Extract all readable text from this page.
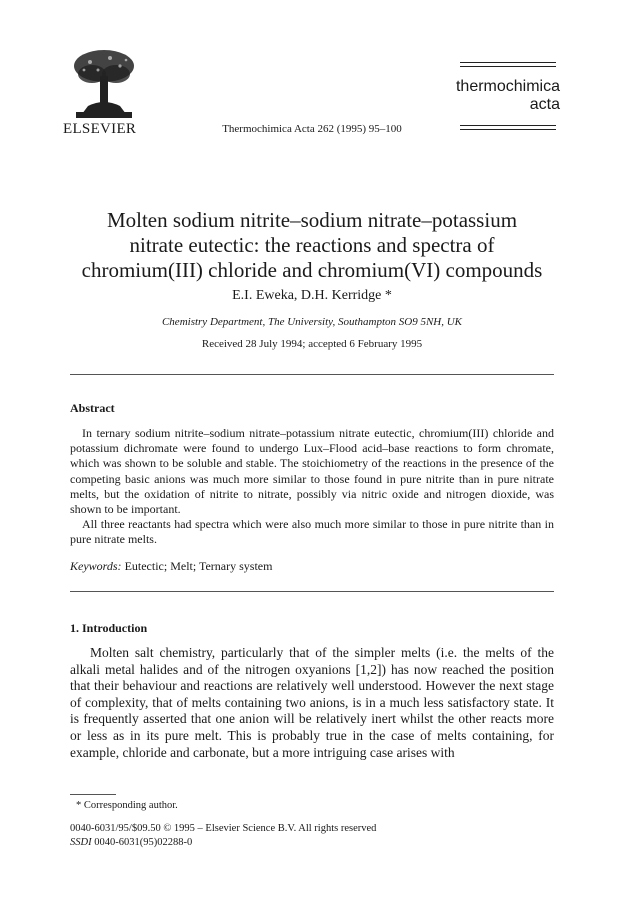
ELSEVIER	Thermochimica Acta 262 (1995) 95–100
thermochimica
acta
Molten sodium nitrite–sodium nitrate–potassium
nitrate eutectic: the reactions and spectra of
chromium(III) chloride and chromium(VI) compounds
E.I. Eweka, D.H. Kerridge *
Chemistry Department, The University, Southampton SO9 5NH, UK
Received 28 July 1994; accepted 6 February 1995
Abstract

In ternary sodium nitrite–sodium nitrate–potassium nitrate eutectic, chromium(III) chloride and potassium dichromate were found to undergo Lux–Flood acid–base reactions to form chromate, which was shown to be soluble and stable. The stoichiometry of the reactions in the presence of the competing basic anions was much more similar to those found in pure nitrite than in pure nitrate melts, but the oxidation of nitrite to nitrate, possibly via nitric oxide and nitrogen dioxide, was shown to be important.

All three reactants had spectra which were also much more similar to those in pure nitrite than in pure nitrate melts.

Keywords: Eutectic; Melt; Ternary system
1. Introduction

Molten salt chemistry, particularly that of the simpler melts (i.e. the melts of the alkali metal halides and of the nitrogen oxyanions [1,2]) has now reached the position that their behaviour and reactions are relatively well understood. However the next stage of complexity, that of melts containing two anions, is in a much less satisfactory state. It is frequently asserted that one anion will be relatively inert whilst the other reacts more or less as in its pure melt. This is probably true in the case of melts containing, for example, chloride and carbonate, but a more intriguing case arises with

* Corresponding author.
0040-6031/95/$09.50 © 1995 – Elsevier Science B.V. All rights reserved
SSDI 0040-6031(95)02288-0
